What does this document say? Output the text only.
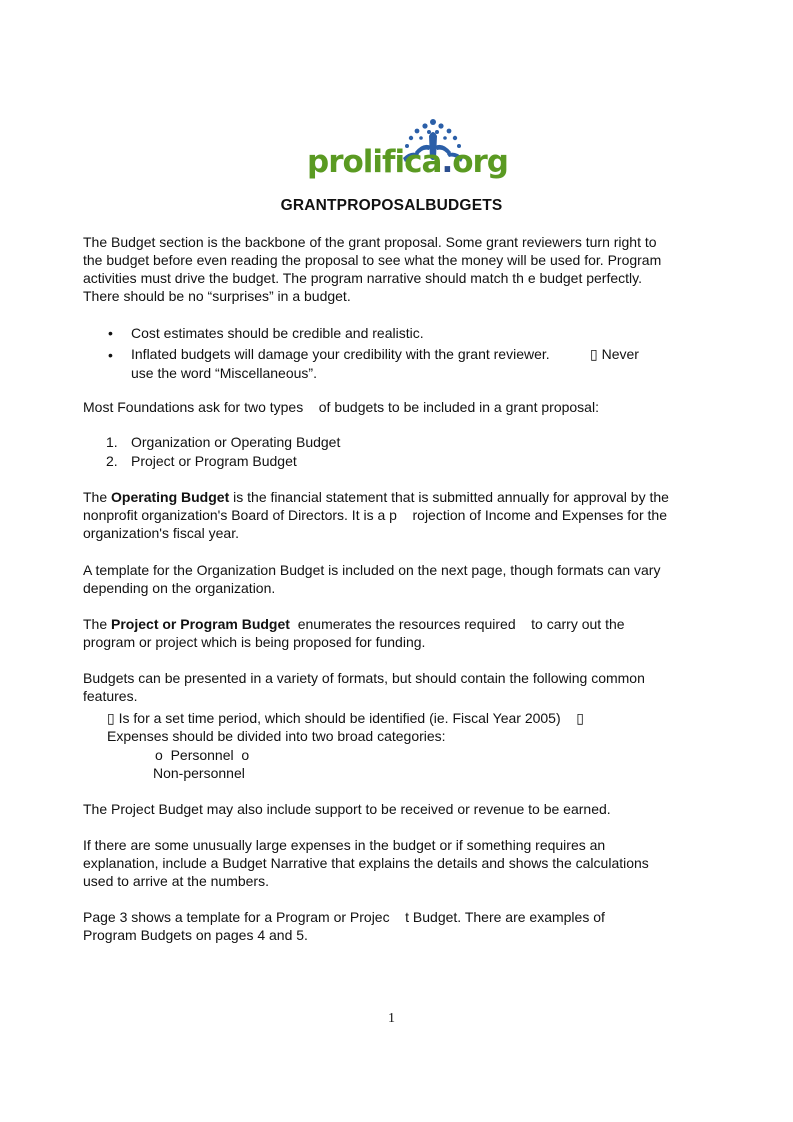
prolifica.org
GRANTPROPOSALBUDGETS

The Budget section is the backbone of the grant proposal. Some grant reviewers turn right to the budget before even reading the proposal to see what the money will be used for. Program activities must drive the budget. The program narrative should match th e budget perfectly. There should be no “surprises” in a budget.

• Cost estimates should be credible and realistic.

• Inflated budgets will damage your credibility with the grant reviewer.	▯ Never

use the word “Miscellaneous”.

Most Foundations ask for two types    of budgets to be included in a grant proposal:

1. Organization or Operating Budget
2. Project or Program Budget

The Operating Budget is the financial statement that is submitted annually for approval by the nonprofit organization's Board of Directors. It is a p    rojection of Income and Expenses for the organization's fiscal year.

A template for the Organization Budget is included on the next page, though formats can vary depending on the organization.

The Project or Program Budget  enumerates the resources required    to carry out the program or project which is being proposed for funding.

Budgets can be presented in a variety of formats, but should contain the following common features.

▯ Is for a set time period, which should be identified (ie. Fiscal Year 2005)    ▯

Expenses should be divided into two broad categories:

o  Personnel  o

Non-personnel

The Project Budget may also include support to be received or revenue to be earned.

If there are some unusually large expenses in the budget or if something requires an explanation, include a Budget Narrative that explains the details and shows the calculations used to arrive at the numbers.

Page 3 shows a template for a Program or Projec    t Budget. There are examples of Program Budgets on pages 4 and 5.

1
